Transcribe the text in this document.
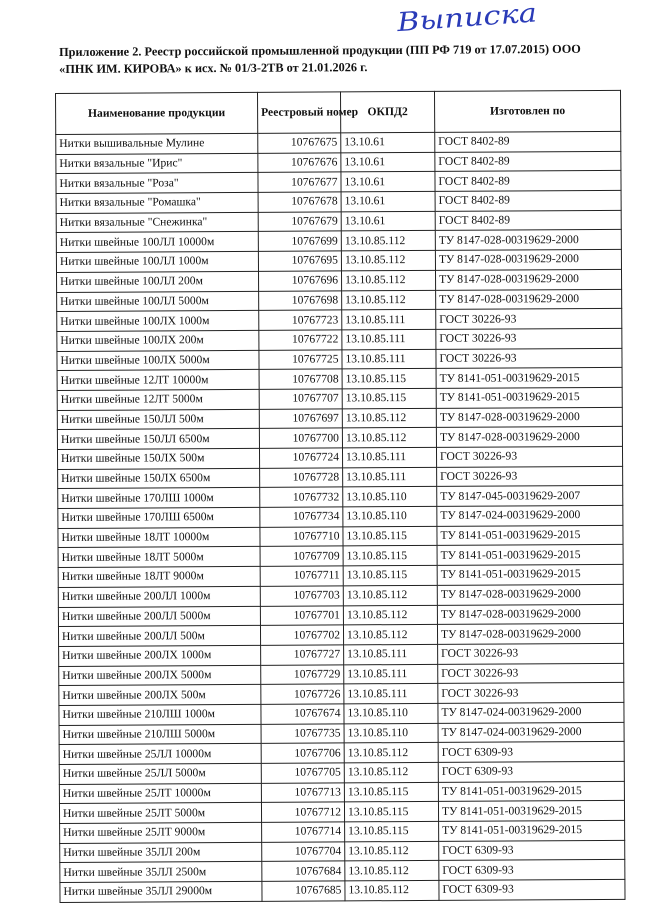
Выписка
Приложение 2. Реестр российской промышленной продукции (ПП РФ 719 от 17.07.2015) ООО
«ПНК ИМ. КИРОВА» к исх. № 01/3-2ТВ от 21.01.2026 г.
Наименование продукции	Реестровый номер	ОКПД2	Изготовлен по
Нитки вышивальные Мулине	10767675	13.10.61	ГОСТ 8402-89
Нитки вязальные "Ирис"	10767676	13.10.61	ГОСТ 8402-89
Нитки вязальные "Роза"	10767677	13.10.61	ГОСТ 8402-89
Нитки вязальные "Ромашка"	10767678	13.10.61	ГОСТ 8402-89
Нитки вязальные "Снежинка"	10767679	13.10.61	ГОСТ 8402-89
Нитки швейные 100ЛЛ 10000м	10767699	13.10.85.112	ТУ 8147-028-00319629-2000
Нитки швейные 100ЛЛ 1000м	10767695	13.10.85.112	ТУ 8147-028-00319629-2000
Нитки швейные 100ЛЛ 200м	10767696	13.10.85.112	ТУ 8147-028-00319629-2000
Нитки швейные 100ЛЛ 5000м	10767698	13.10.85.112	ТУ 8147-028-00319629-2000
Нитки швейные 100ЛХ 1000м	10767723	13.10.85.111	ГОСТ 30226-93
Нитки швейные 100ЛХ 200м	10767722	13.10.85.111	ГОСТ 30226-93
Нитки швейные 100ЛХ 5000м	10767725	13.10.85.111	ГОСТ 30226-93
Нитки швейные 12ЛТ 10000м	10767708	13.10.85.115	ТУ 8141-051-00319629-2015
Нитки швейные 12ЛТ 5000м	10767707	13.10.85.115	ТУ 8141-051-00319629-2015
Нитки швейные 150ЛЛ 500м	10767697	13.10.85.112	ТУ 8147-028-00319629-2000
Нитки швейные 150ЛЛ 6500м	10767700	13.10.85.112	ТУ 8147-028-00319629-2000
Нитки швейные 150ЛХ 500м	10767724	13.10.85.111	ГОСТ 30226-93
Нитки швейные 150ЛХ 6500м	10767728	13.10.85.111	ГОСТ 30226-93
Нитки швейные 170ЛШ 1000м	10767732	13.10.85.110	ТУ 8147-045-00319629-2007
Нитки швейные 170ЛШ 6500м	10767734	13.10.85.110	ТУ 8147-024-00319629-2000
Нитки швейные 18ЛТ 10000м	10767710	13.10.85.115	ТУ 8141-051-00319629-2015
Нитки швейные 18ЛТ 5000м	10767709	13.10.85.115	ТУ 8141-051-00319629-2015
Нитки швейные 18ЛТ 9000м	10767711	13.10.85.115	ТУ 8141-051-00319629-2015
Нитки швейные 200ЛЛ 1000м	10767703	13.10.85.112	ТУ 8147-028-00319629-2000
Нитки швейные 200ЛЛ 5000м	10767701	13.10.85.112	ТУ 8147-028-00319629-2000
Нитки швейные 200ЛЛ 500м	10767702	13.10.85.112	ТУ 8147-028-00319629-2000
Нитки швейные 200ЛХ 1000м	10767727	13.10.85.111	ГОСТ 30226-93
Нитки швейные 200ЛХ 5000м	10767729	13.10.85.111	ГОСТ 30226-93
Нитки швейные 200ЛХ 500м	10767726	13.10.85.111	ГОСТ 30226-93
Нитки швейные 210ЛШ 1000м	10767674	13.10.85.110	ТУ 8147-024-00319629-2000
Нитки швейные 210ЛШ 5000м	10767735	13.10.85.110	ТУ 8147-024-00319629-2000
Нитки швейные 25ЛЛ 10000м	10767706	13.10.85.112	ГОСТ 6309-93
Нитки швейные 25ЛЛ 5000м	10767705	13.10.85.112	ГОСТ 6309-93
Нитки швейные 25ЛТ 10000м	10767713	13.10.85.115	ТУ 8141-051-00319629-2015
Нитки швейные 25ЛТ 5000м	10767712	13.10.85.115	ТУ 8141-051-00319629-2015
Нитки швейные 25ЛТ 9000м	10767714	13.10.85.115	ТУ 8141-051-00319629-2015
Нитки швейные 35ЛЛ 200м	10767704	13.10.85.112	ГОСТ 6309-93
Нитки швейные 35ЛЛ 2500м	10767684	13.10.85.112	ГОСТ 6309-93
Нитки швейные 35ЛЛ 29000м	10767685	13.10.85.112	ГОСТ 6309-93
